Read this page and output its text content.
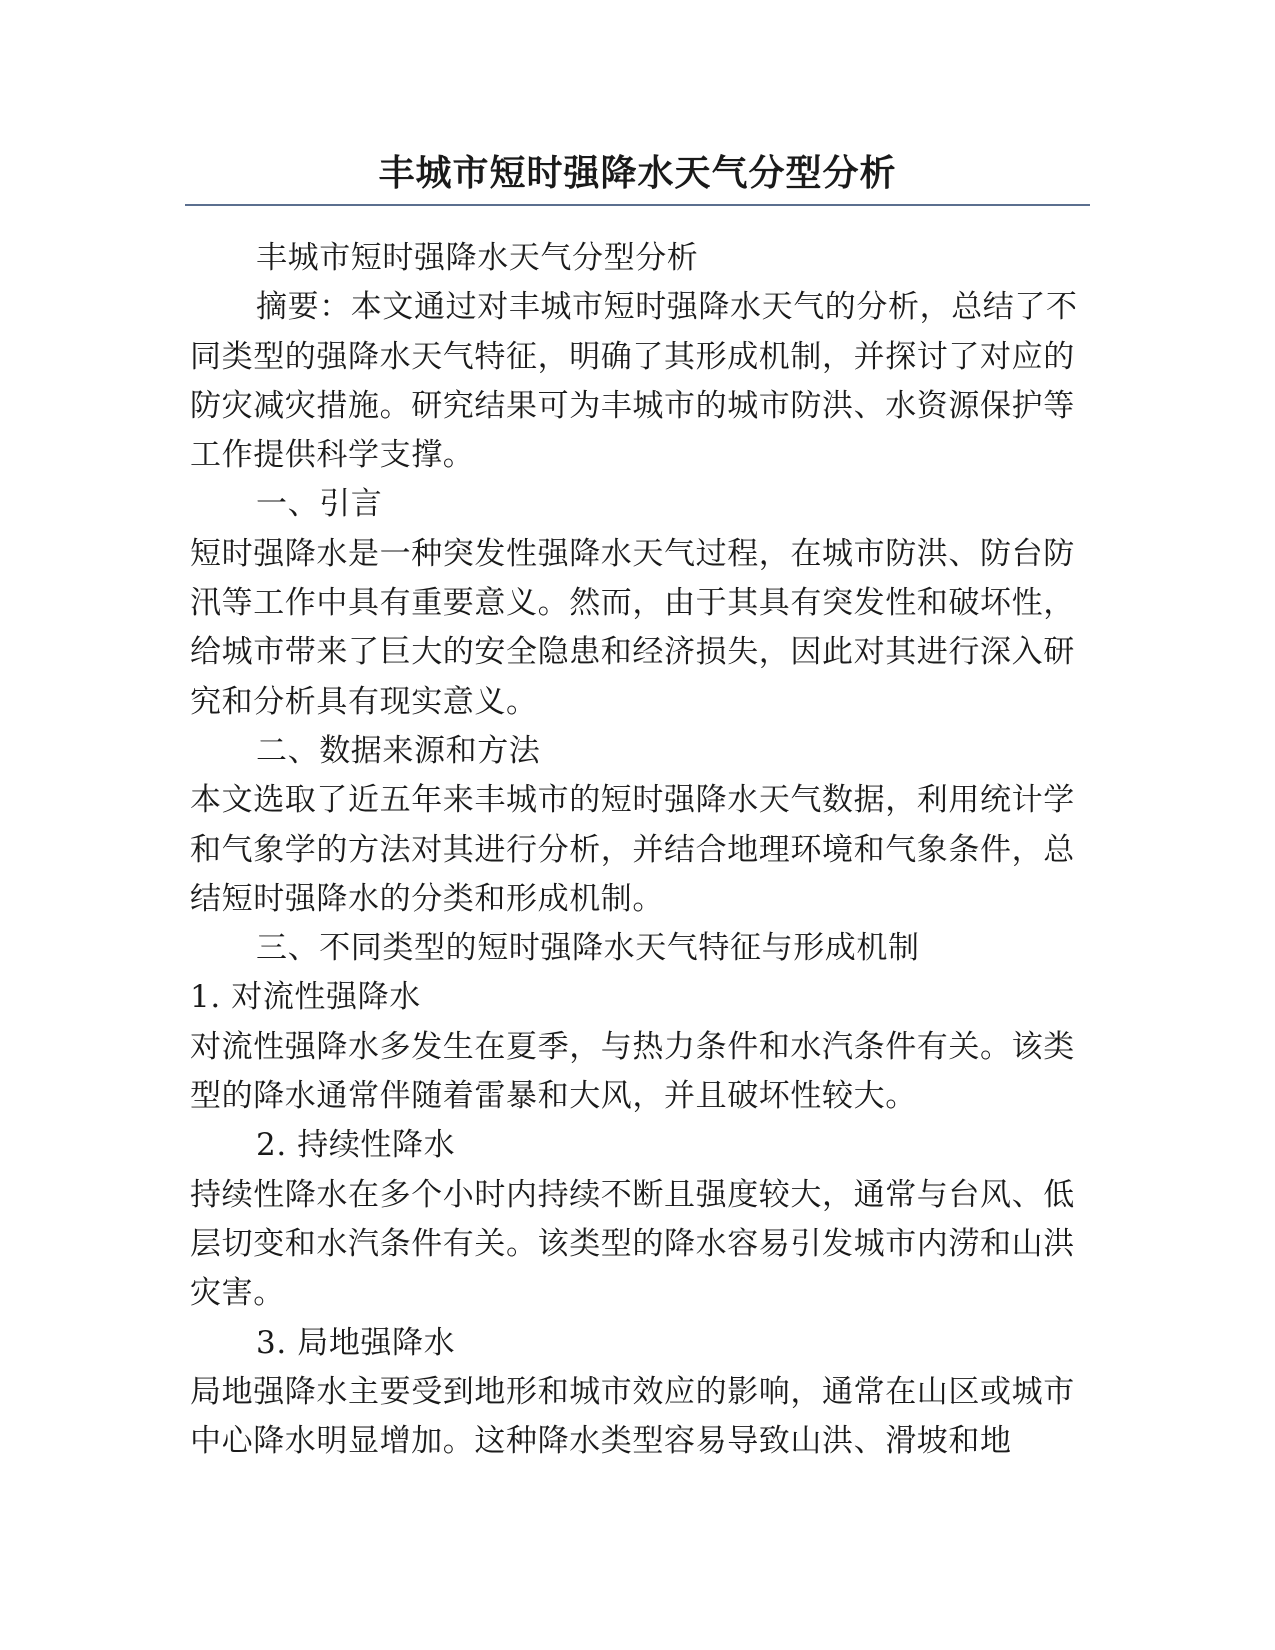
丰城市短时强降水天气分型分析

丰城市短时强降水天气分型分析

摘要：本文通过对丰城市短时强降水天气的分析，总结了不同类型的强降水天气特征，明确了其形成机制，并探讨了对应的防灾减灾措施。研究结果可为丰城市的城市防洪、水资源保护等工作提供科学支撑。

一、引言

短时强降水是一种突发性强降水天气过程，在城市防洪、防台防汛等工作中具有重要意义。然而，由于其具有突发性和破坏性，给城市带来了巨大的安全隐患和经济损失，因此对其进行深入研究和分析具有现实意义。

二、数据来源和方法

本文选取了近五年来丰城市的短时强降水天气数据，利用统计学和气象学的方法对其进行分析，并结合地理环境和气象条件，总结短时强降水的分类和形成机制。

三、不同类型的短时强降水天气特征与形成机制

1. 对流性强降水

对流性强降水多发生在夏季，与热力条件和水汽条件有关。该类型的降水通常伴随着雷暴和大风，并且破坏性较大。

2. 持续性降水

持续性降水在多个小时内持续不断且强度较大，通常与台风、低层切变和水汽条件有关。该类型的降水容易引发城市内涝和山洪灾害。

3. 局地强降水

局地强降水主要受到地形和城市效应的影响，通常在山区或城市中心降水明显增加。这种降水类型容易导致山洪、滑坡和地
